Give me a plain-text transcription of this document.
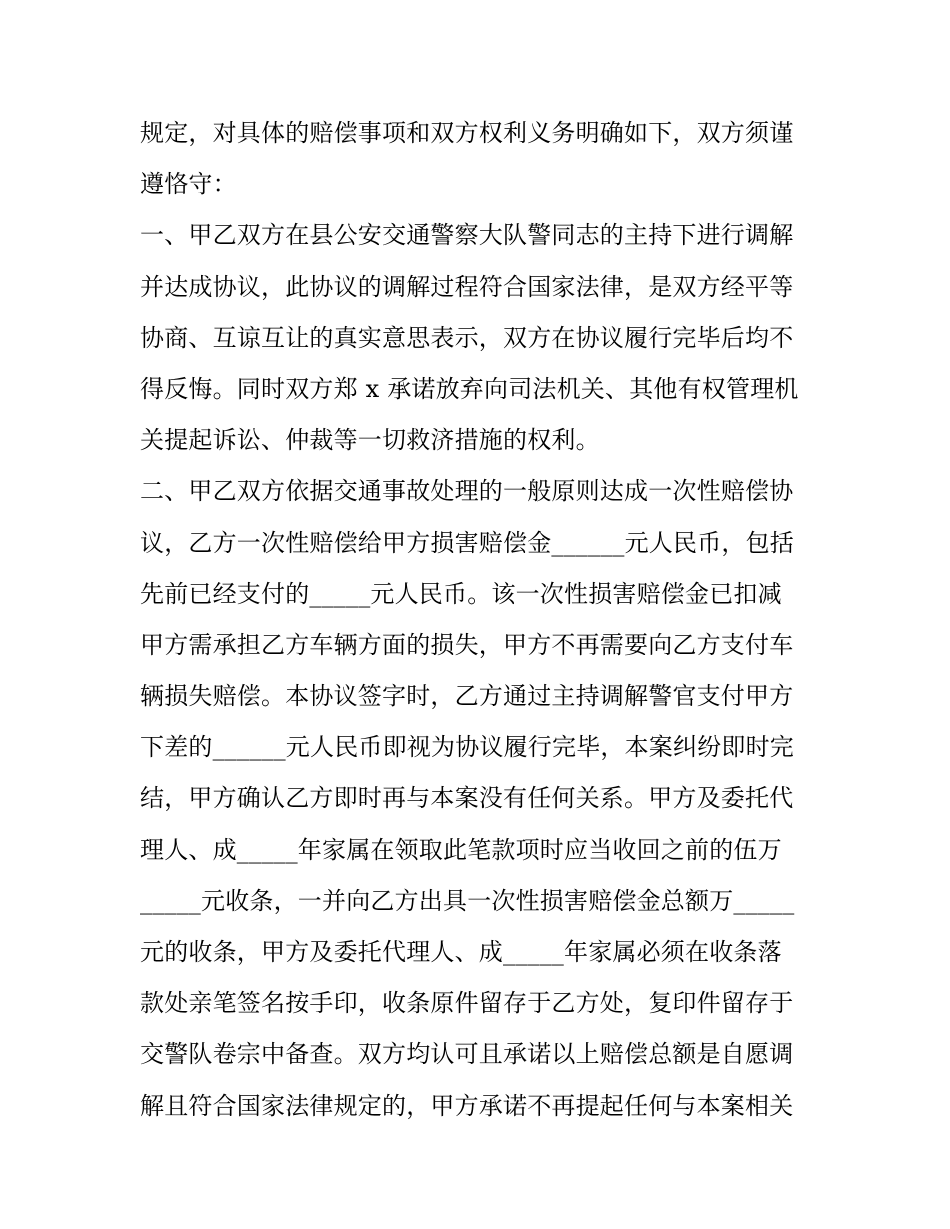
规定，对具体的赔偿事项和双方权利义务明确如下，双方须谨
遵恪守：
一、甲乙双方在县公安交通警察大队警同志的主持下进行调解
并达成协议，此协议的调解过程符合国家法律，是双方经平等
协商、互谅互让的真实意思表示，双方在协议履行完毕后均不
得反悔。同时双方郑 x 承诺放弃向司法机关、其他有权管理机
关提起诉讼、仲裁等一切救济措施的权利。
二、甲乙双方依据交通事故处理的一般原则达成一次性赔偿协
议，乙方一次性赔偿给甲方损害赔偿金______元人民币，包括
先前已经支付的_____元人民币。该一次性损害赔偿金已扣减
甲方需承担乙方车辆方面的损失，甲方不再需要向乙方支付车
辆损失赔偿。本协议签字时，乙方通过主持调解警官支付甲方
下差的______元人民币即视为协议履行完毕，本案纠纷即时完
结，甲方确认乙方即时再与本案没有任何关系。甲方及委托代
理人、成_____年家属在领取此笔款项时应当收回之前的伍万
_____元收条，一并向乙方出具一次性损害赔偿金总额万_____
元的收条，甲方及委托代理人、成_____年家属必须在收条落
款处亲笔签名按手印，收条原件留存于乙方处，复印件留存于
交警队卷宗中备查。双方均认可且承诺以上赔偿总额是自愿调
解且符合国家法律规定的，甲方承诺不再提起任何与本案相关
